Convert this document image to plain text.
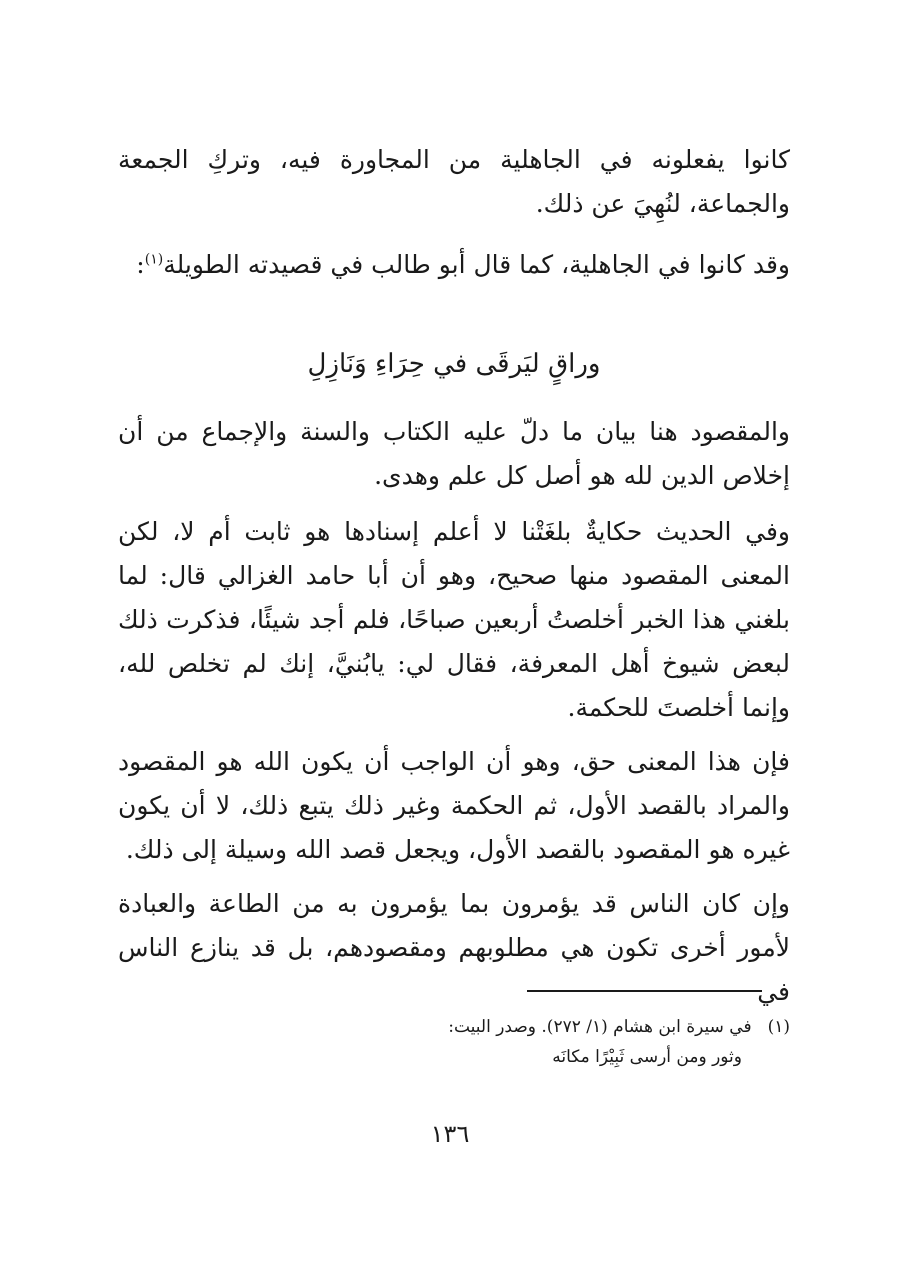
كانوا يفعلونه في الجاهلية من المجاورة فيه، وتركِ الجمعة والجماعة، لنُهِيَ عن ذلك.

وقد كانوا في الجاهلية، كما قال أبو طالب في قصيدته الطويلة$^{(١)}$:

وراقٍ ليَرقَى في حِرَاءِ وَنَازِلِ

والمقصود هنا بيان ما دلّ عليه الكتاب والسنة والإجماع من أن إخلاص الدين لله هو أصل كل علم وهدى.

وفي الحديث حكايةٌ بلغَتْنا لا أعلم إسنادها هو ثابت أم لا، لكن المعنى المقصود منها صحيح، وهو أن أبا حامد الغزالي قال: لما بلغني هذا الخبر أخلصتُ أربعين صباحًا، فلم أجد شيئًا، فذكرت ذلك لبعض شيوخ أهل المعرفة، فقال لي: يابُنيَّ، إنك لم تخلص لله، وإنما أخلصتَ للحكمة.

فإن هذا المعنى حق، وهو أن الواجب أن يكون الله هو المقصود والمراد بالقصد الأول، ثم الحكمة وغير ذلك يتبع ذلك، لا أن يكون غيره هو المقصود بالقصد الأول، ويجعل قصد الله وسيلة إلى ذلك.

وإن كان الناس قد يؤمرون بما يؤمرون به من الطاعة والعبادة لأمور أخرى تكون هي مطلوبهم ومقصودهم، بل قد ينازع الناس في

(١)في سيرة ابن هشام (١/ ٢٧٢). وصدر البيت:
وثور ومن أرسى ثَبِيْرًا مكانَه
١٣٦
